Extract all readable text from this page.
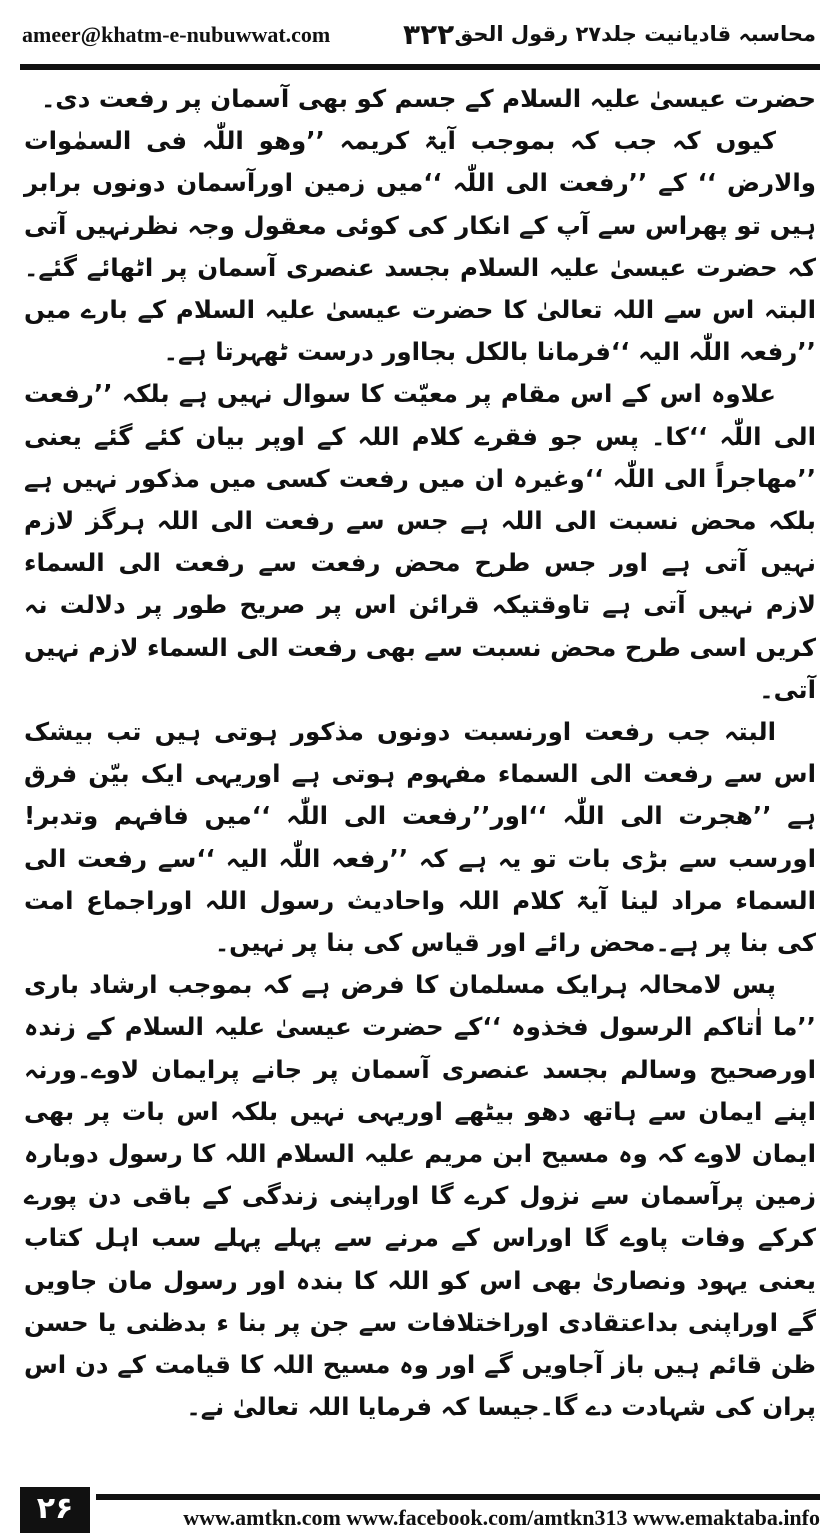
ameer@khatm-e-nubuwwat.com	۳۲۲ محاسبہ قادیانیت جلد۲۷ رقول الحق

حضرت عیسیٰ علیہ السلام کے جسم کو بھی آسمان پر رفعت دی۔

کیوں کہ جب کہ بموجب آیۃ کریمہ ’’وھو اللّٰہ فی السمٰوات والارض ‘‘ کے ’’رفعت الی اللّٰہ ‘‘میں زمین اورآسمان دونوں برابر ہیں تو پھراس سے آپ کے انکار کی کوئی معقول وجہ نظرنہیں آتی کہ حضرت عیسیٰ علیہ السلام بجسد عنصری آسمان پر اٹھائے گئے۔البتہ اس سے اللہ تعالیٰ کا حضرت عیسیٰ علیہ السلام کے بارے میں ’’رفعہ اللّٰہ الیہ ‘‘فرمانا بالکل بجااور درست ٹھہرتا ہے۔

علاوہ اس کے اس مقام پر معیّت کا سوال نہیں ہے بلکہ ’’رفعت الی اللّٰہ ‘‘کا۔ پس جو فقرے کلام اللہ کے اوپر بیان کئے گئے یعنی ’’مھاجراً الی اللّٰہ ‘‘وغیرہ ان میں رفعت کسی میں مذکور نہیں ہے بلکہ محض نسبت الی اللہ ہے جس سے رفعت الی اللہ ہرگز لازم نہیں آتی ہے اور جس طرح محض رفعت سے رفعت الی السماء لازم نہیں آتی ہے تاوقتیکہ قرائن اس پر صریح طور پر دلالت نہ کریں اسی طرح محض نسبت سے بھی رفعت الی السماء لازم نہیں آتی۔

البتہ جب رفعت اورنسبت دونوں مذکور ہوتی ہیں تب بیشک اس سے رفعت الی السماء مفہوم ہوتی ہے اوریہی ایک بیّن فرق ہے ’’ھجرت الی اللّٰہ ‘‘اور’’رفعت الی اللّٰہ ‘‘میں فافہم وتدبر!اورسب سے بڑی بات تو یہ ہے کہ ’’رفعہ اللّٰہ الیہ ‘‘سے رفعت الی السماء مراد لینا آیۃ کلام اللہ واحادیث رسول اللہ اوراجماع امت کی بنا پر ہے۔محض رائے اور قیاس کی بنا پر نہیں۔

پس لامحالہ ہرایک مسلمان کا فرض ہے کہ بموجب ارشاد باری ’’ما اٰتاکم الرسول فخذوہ ‘‘کے حضرت عیسیٰ علیہ السلام کے زندہ اورصحیح وسالم بجسد عنصری آسمان پر جانے پرایمان لاوے۔ورنہ اپنے ایمان سے ہاتھ دھو بیٹھے اوریہی نہیں بلکہ اس بات پر بھی ایمان لاوے کہ وہ مسیح ابن مریم علیہ السلام اللہ کا رسول دوبارہ زمین پرآسمان سے نزول کرے گا اوراپنی زندگی کے باقی دن پورے کرکے وفات پاوے گا اوراس کے مرنے سے پہلے پہلے سب اہل کتاب یعنی یہود ونصاریٰ بھی اس کو اللہ کا بندہ اور رسول مان جاویں گے اوراپنی بداعتقادی اوراختلافات سے جن پر بنا ء بدظنی یا حسن ظن قائم ہیں باز آجاویں گے اور وہ مسیح اللہ کا قیامت کے دن اس پران کی شہادت دے گا۔جیسا کہ فرمایا اللہ تعالیٰ نے۔

۲۶	www.amtkn.com www.facebook.com/amtkn313 www.emaktaba.info
